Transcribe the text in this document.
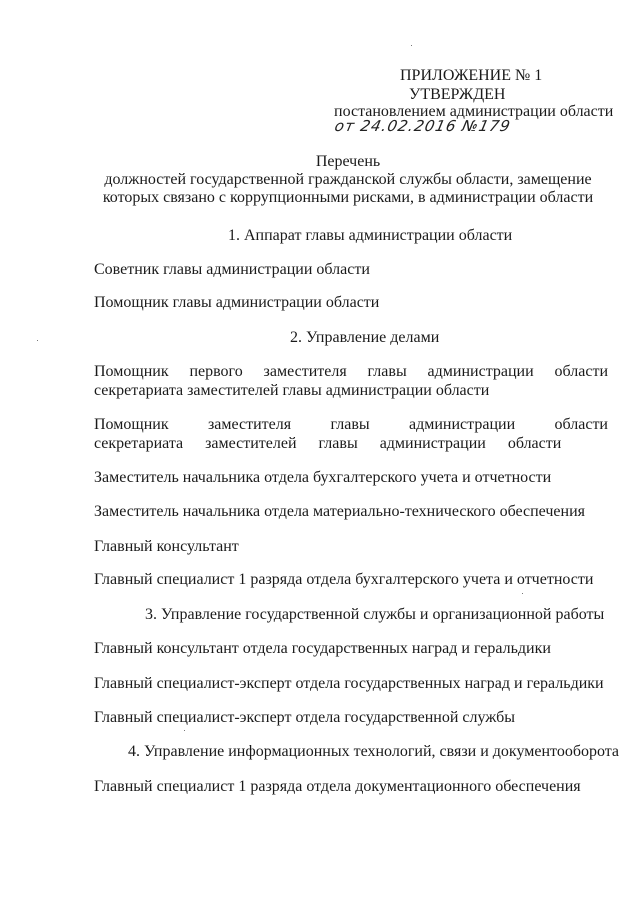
ПРИЛОЖЕНИЕ № 1
УТВЕРЖДЕН
постановлением администрации области
от 24.02.2016 №179
Перечень
должностей государственной гражданской службы области, замещение
которых связано с коррупционными рисками, в администрации области
1. Аппарат главы администрации области
Советник главы администрации области
Помощник главы администрации области
2. Управление делами
Помощник первого заместителя главы администрации области секретариата заместителей главы администрации области
Помощник заместителя главы администрации области секретариата заместителей главы администрации области
Заместитель начальника отдела бухгалтерского учета и отчетности
Заместитель начальника отдела материально-технического обеспечения
Главный консультант
Главный специалист 1 разряда отдела бухгалтерского учета и отчетности
3. Управление государственной службы и организационной работы
Главный консультант отдела государственных наград и геральдики
Главный специалист-эксперт отдела государственных наград и геральдики
Главный специалист-эксперт отдела государственной службы
4. Управление информационных технологий, связи и документооборота
Главный специалист 1 разряда отдела документационного обеспечения
